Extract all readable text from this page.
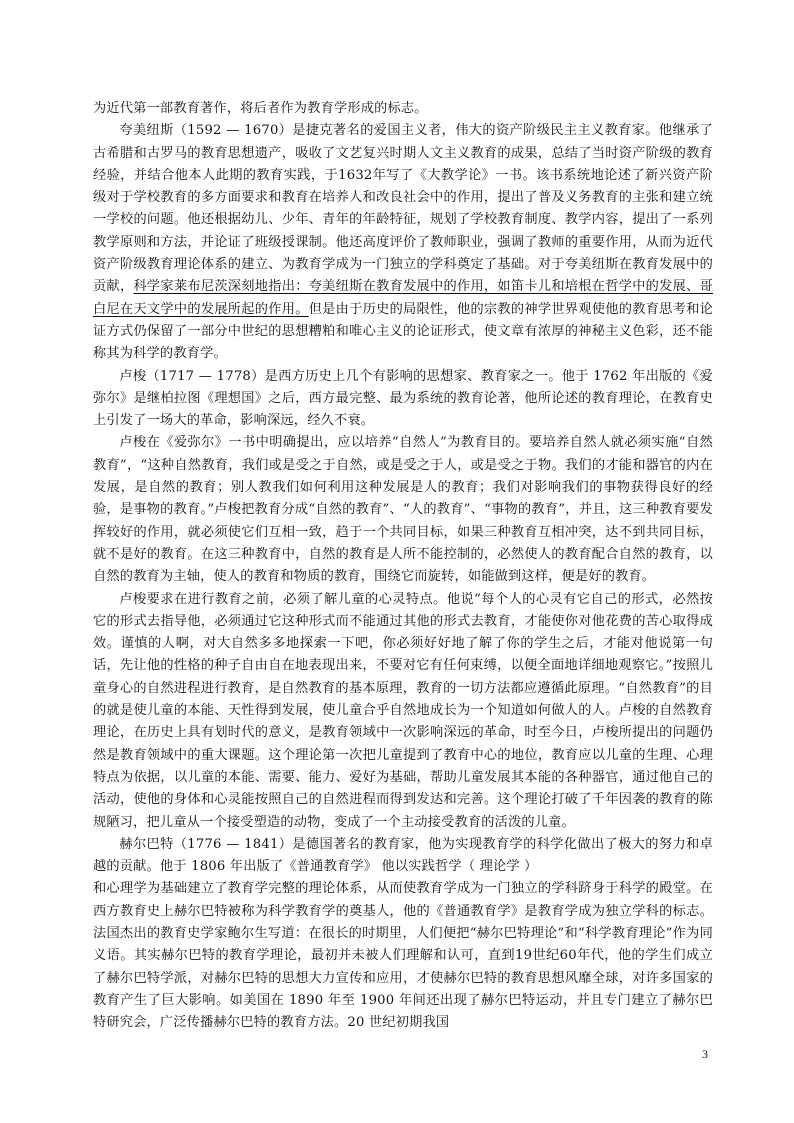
为近代第一部教育著作，将后者作为教育学形成的标志。

夸美纽斯（1592 — 1670）是捷克著名的爱国主义者，伟大的资产阶级民主主义教育家。他继承了古希腊和古罗马的教育思想遗产，吸收了文艺复兴时期人文主义教育的成果，总结了当时资产阶级的教育经验，并结合他本人此期的教育实践，于1632年写了《大教学论》一书。该书系统地论述了新兴资产阶级对于学校教育的多方面要求和教育在培养人和改良社会中的作用，提出了普及义务教育的主张和建立统一学校的问题。他还根据幼儿、少年、青年的年龄特征，规划了学校教育制度、教学内容，提出了一系列教学原则和方法，并论证了班级授课制。他还高度评价了教师职业，强调了教师的重要作用，从而为近代资产阶级教育理论体系的建立、为教育学成为一门独立的学科奠定了基础。对于夸美纽斯在教育发展中的贡献，科学家莱布尼茨深刻地指出：夸美纽斯在教育发展中的作用，如笛卡儿和培根在哲学中的发展、哥白尼在天文学中的发展所起的作用。但是由于历史的局限性，他的宗教的神学世界观使他的教育思考和论证方式仍保留了一部分中世纪的思想糟粕和唯心主义的论证形式，使文章有浓厚的神秘主义色彩，还不能称其为科学的教育学。

卢梭（1717 — 1778）是西方历史上几个有影响的思想家、教育家之一。他于 1762 年出版的《爱弥尔》是继柏拉图《理想国》之后，西方最完整、最为系统的教育论著，他所论述的教育理论，在教育史上引发了一场大的革命，影响深远，经久不衰。

卢梭在《爱弥尔》一书中明确提出，应以培养“自然人”为教育目的。要培养自然人就必须实施“自然教育”，“这种自然教育，我们或是受之于自然，或是受之于人，或是受之于物。我们的才能和器官的内在发展，是自然的教育；别人教我们如何利用这种发展是人的教育；我们对影响我们的事物获得良好的经验，是事物的教育。”卢梭把教育分成“自然的教育”、“人的教育”、“事物的教育”，并且，这三种教育要发挥较好的作用，就必须使它们互相一致，趋于一个共同目标，如果三种教育互相冲突，达不到共同目标，就不是好的教育。在这三种教育中，自然的教育是人所不能控制的，必然使人的教育配合自然的教育，以自然的教育为主轴，使人的教育和物质的教育，围绕它而旋转，如能做到这样，便是好的教育。

卢梭要求在进行教育之前，必须了解儿童的心灵特点。他说“每个人的心灵有它自己的形式，必然按它的形式去指导他，必须通过它这种形式而不能通过其他的形式去教育，才能使你对他花费的苦心取得成效。谨慎的人啊，对大自然多多地探索一下吧，你必须好好地了解了你的学生之后，才能对他说第一句话，先让他的性格的种子自由自在地表现出来，不要对它有任何束缚，以便全面地详细地观察它。”按照儿童身心的自然进程进行教育，是自然教育的基本原理，教育的一切方法都应遵循此原理。“自然教育”的目的就是使儿童的本能、天性得到发展，使儿童合乎自然地成长为一个知道如何做人的人。卢梭的自然教育理论，在历史上具有划时代的意义，是教育领域中一次影响深远的革命，时至今日，卢梭所提出的问题仍然是教育领域中的重大课题。这个理论第一次把儿童提到了教育中心的地位，教育应以儿童的生理、心理特点为依据，以儿童的本能、需要、能力、爱好为基础，帮助儿童发展其本能的各种器官，通过他自己的活动，使他的身体和心灵能按照自己的自然进程而得到发达和完善。这个理论打破了千年因袭的教育的陈规陋习，把儿童从一个接受塑造的动物，变成了一个主动接受教育的活泼的儿童。

赫尔巴特（1776 — 1841）是德国著名的教育家，他为实现教育学的科学化做出了极大的努力和卓越的贡献。他于 1806 年出版了《普通教育学》 他以实践哲学（ 理论学 ）

和心理学为基础建立了教育学完整的理论体系，从而使教育学成为一门独立的学科跻身于科学的殿堂。在西方教育史上赫尔巴特被称为科学教育学的奠基人，他的《普通教育学》是教育学成为独立学科的标志。法国杰出的教育史学家鲍尔生写道：在很长的时期里，人们便把“赫尔巴特理论”和“科学教育理论”作为同义语。其实赫尔巴特的教育学理论，最初并未被人们理解和认可，直到19世纪60年代，他的学生们成立了赫尔巴特学派，对赫尔巴特的思想大力宣传和应用，才使赫尔巴特的教育思想风靡全球，对许多国家的教育产生了巨大影响。如美国在 1890 年至 1900 年间还出现了赫尔巴特运动，并且专门建立了赫尔巴特研究会，广泛传播赫尔巴特的教育方法。20 世纪初期我国

3
